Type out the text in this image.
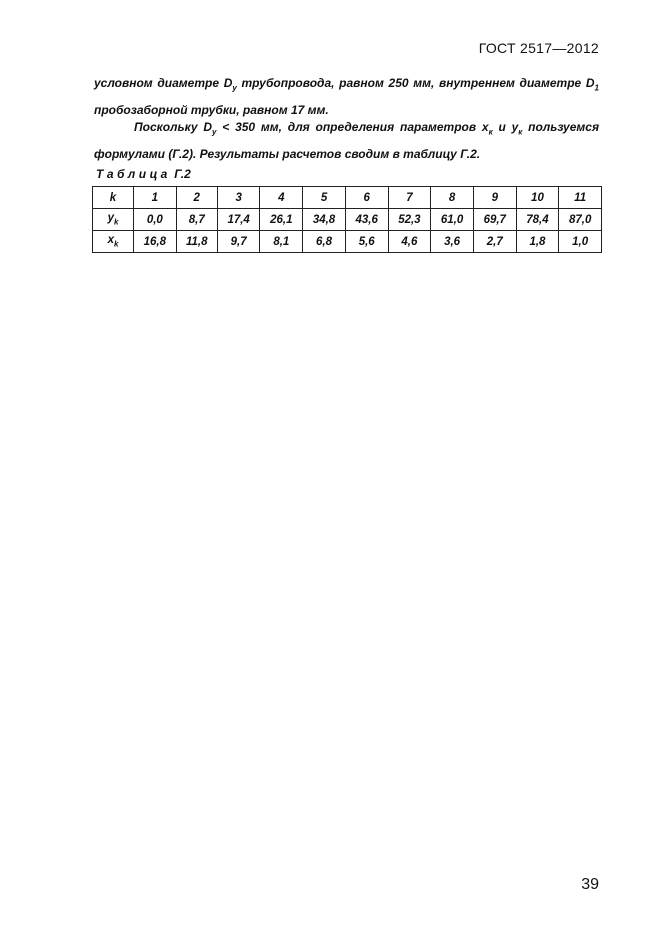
ГОСТ 2517—2012

условном диаметре $D_у$ трубопровода, равном 250 мм, внутреннем диаметре $D_1$ пробозаборной трубки, равном 17 мм.

Поскольку $D_у < 350$ мм, для определения параметров $x_к$ и $y_к$ пользуемся формулами (Г.2). Результаты расчетов сводим в таблицу Г.2.

Таблица Г.2
k	1	2	3	4	5	6	7	8	9	10	11
$y_k$	0,0	8,7	17,4	26,1	34,8	43,6	52,3	61,0	69,7	78,4	87,0
$x_k$	16,8	11,8	9,7	8,1	6,8	5,6	4,6	3,6	2,7	1,8	1,0
39
